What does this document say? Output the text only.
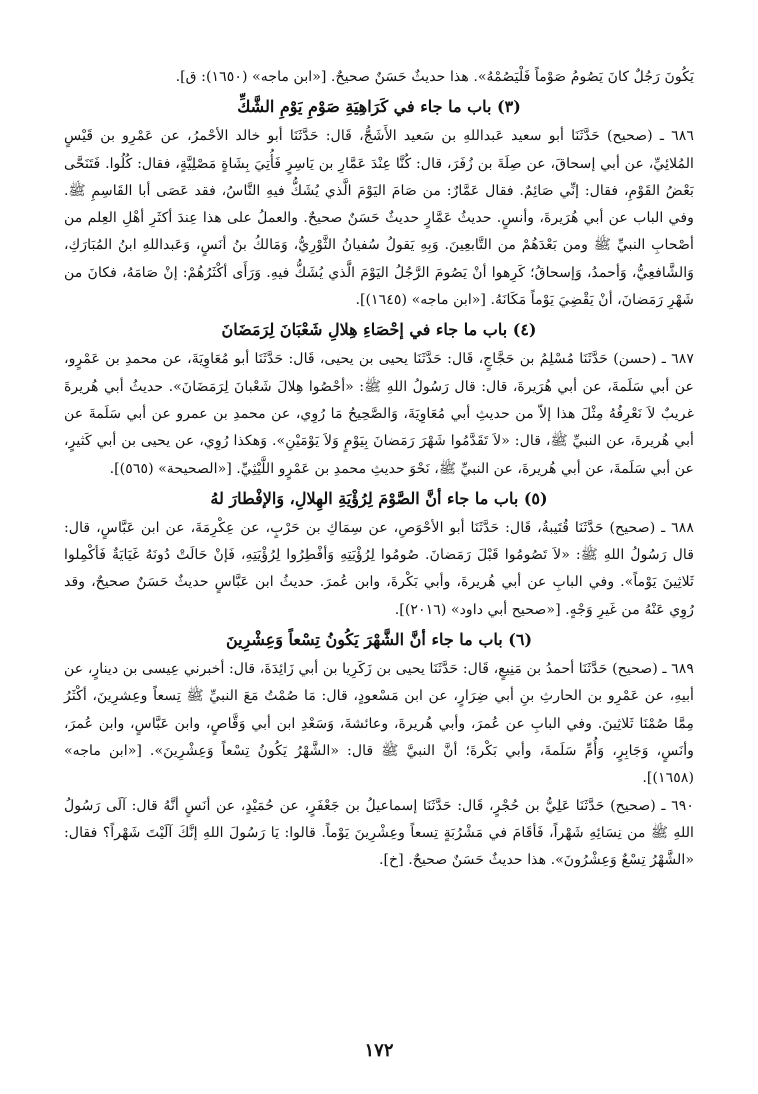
يَكُونَ رَجُلٌ كانَ يَصُومُ صَوْماً فَلْيَصُمْهُ». هذا حديثٌ حَسَنٌ صحيحٌ. [«ابن ماجه» (١٦٥٠): ق].

(٣) باب ما جاء في كَرَاهِيَةِ صَوْمِ يَوْمِ الشَّكِّ

٦٨٦ ـ (صحيح) حَدَّثَنَا أبو سعيد عَبداللهِ بن سَعيد الأَشَجُّ، قَال: حَدَّثَنَا أبو خالد الأحْمرُ، عن عَمْرِو بن قَيْسٍ المُلائِيِّ، عن أبي إسحاقَ، عن صِلَةَ بن زُفَرَ، قال: كُنَّا عِنْدَ عَمَّارِ بن يَاسِرٍ فَأُتِيَ بِشَاةٍ مَصْلِيَّةٍ، فقال: كُلُوا. فَتَنَحَّى بَعْضُ القَوْمِ، فقال: إنِّي صَائِمٌ. فقال عَمَّارٌ: من صَامَ اليَوْمَ الَّذي يُشَكُّ فيهِ النَّاسُ، فقد عَصَى أبا القَاسِمِ ﷺ. وفي الباب عن أبي هُرَيرةَ، وأنسٍ. حديثُ عَمَّارٍ حديثٌ حَسَنٌ صحيحٌ. والعملُ على هذا عِندَ أكثَرِ أهْلِ العِلم من أصْحابِ النبيِّ ﷺ ومن بَعْدَهُمْ من التَّابعِينَ. وَبِهِ يَقولُ سُفيانُ الثَّوْرِيُّ، وَمَالكُ بنُ أنَسٍ، وَعَبداللهِ ابنُ المُبَارَكِ، وَالشَّافعِيُّ، وَأحمدُ، وَإسحاقُ؛ كَرِهوا أنْ يَصُومَ الرَّجُلُ اليَوْمَ الَّذي يُشَكُّ فيهِ. وَرَأَى أكْثَرُهُمْ: إنْ صَامَهُ، فكانَ من شَهْرِ رَمَضانَ، أنْ يَقْضِيَ يَوْماً مَكَانَهُ. [«ابن ماجه» (١٦٤٥)].

(٤) باب ما جاء في إحْصَاءِ هِلالِ شَعْبَانَ لِرَمَضَانَ

٦٨٧ ـ (حسن) حَدَّثَنَا مُسْلِمُ بن حَجَّاجٍ، قَال: حَدَّثَنَا يحيى بن يحيى، قَال: حَدَّثَنَا أبو مُعَاوِيَةَ، عن محمدِ بن عَمْرٍو، عن أبي سَلَمةَ، عن أبي هُرَيرةَ، قال: قال رَسُولُ اللهِ ﷺ: «أحْصُوا هِلالَ شَعْبانَ لِرَمَضَانَ». حديثُ أبي هُريرةَ غريبٌ لاَ نَعْرِفُهُ مِثْلَ هذا إلاّ من حديثِ أبي مُعَاوِيَةَ، وَالصَّحِيحُ مَا رُوِي، عن محمدِ بن عمرو عن أبي سَلَمةَ عن أبي هُريرةَ، عن النبيِّ ﷺ، قال: «لاَ تَقَدَّمُوا شَهْرَ رَمَضانَ بِيَوْمٍ وَلاَ يَوْمَيْنِ». وَهكذا رُوِي، عن يحيى بن أبي كَثيرٍ، عن أبي سَلَمةَ، عن أبي هُريرةَ، عن النبيِّ ﷺ، نَحْوَ حديثِ محمدِ بن عَمْرٍو اللَّيْثِيِّ. [«الصحيحة» (٥٦٥)].

(٥) باب ما جاء أنَّ الصَّوْمَ لِرُؤْيَةِ الهِلالِ، وَالإفْطارَ لهُ

٦٨٨ ـ (صحيح) حَدَّثَنَا قُتَيبةُ، قَال: حَدَّثَنَا أبو الأحْوَصِ، عن سِمَاكِ بن حَرْبٍ، عن عِكْرِمَةَ، عن ابن عَبَّاسٍ، قال: قال رَسُولُ اللهِ ﷺ: «لاَ تَصُومُوا قَبْلَ رَمَضانَ. صُومُوا لِرُؤْيَتِهِ وَأفْطِرُوا لِرُؤْيَتِهِ، فَإنْ حَالَتْ دُونَهُ غَيَايَةٌ فَأكْمِلوا ثَلاثِينَ يَوْماً». وفي البابِ عن أبي هُريرةَ، وأبي بَكْرةَ، وابن عُمرَ. حديثُ ابن عَبَّاسٍ حديثٌ حَسَنٌ صحيحٌ، وقد رُوِي عَنْهُ من غَيرِ وَجْهٍ. [«صحيح أبي داود» (٢٠١٦)].

(٦) باب ما جاء أنَّ الشَّهْرَ يَكُونُ تِسْعاً وَعِشْرِينَ

٦٨٩ ـ (صحيح) حَدَّثَنَا أحمدُ بن مَنِيعٍ، قَال: حَدَّثَنَا يحيى بن زَكَرِيا بن أبي زَائِدَةَ، قال: أخبرني عِيسى بن دينارٍ، عن أبيهِ، عن عَمْرِو بن الحارثِ بنِ أبي ضِرَارٍ، عن ابن مَسْعودٍ، قال: مَا صُمْتُ مَعَ النبيِّ ﷺ تِسعاً وعِشرِينَ، أكْثَرُ مِمَّا صُمْنَا ثَلاثِينَ. وفي البابِ عن عُمرَ، وأبي هُريرةَ، وعائشةَ، وَسَعْدِ ابن أبي وَقَّاصٍ، وابن عَبَّاسٍ، وابن عُمرَ، وأنَسٍ، وَجَابِرٍ، وَأُمِّ سَلَمةَ، وأبي بَكْرةَ؛ أنَّ النبيَّ ﷺ قال: «الشَّهْرُ يَكُونُ تِسْعاً وَعِشْرِينَ». [«ابن ماجه» (١٦٥٨)].

٦٩٠ ـ (صحيح) حَدَّثَنَا عَلِيُّ بن حُجْرٍ، قَال: حَدَّثَنَا إسماعيلُ بن جَعْفَرٍ، عن حُمَيْدٍ، عن أنَسٍ أنَّهُ قال: آلَى رَسُولُ اللهِ ﷺ من نِسَائِهِ شَهْراً، فَأقَامَ في مَشْرُبَةٍ تِسعاً وعِشْرِينَ يَوْماً. قالوا: يَا رَسُولَ اللهِ إنَّكَ آلَيْتَ شَهْراً؟ فقال: «الشَّهْرُ تِسْعٌ وَعِشْرُونَ». هذا حديثٌ حَسَنٌ صحيحٌ. [خ].

١٧٢
